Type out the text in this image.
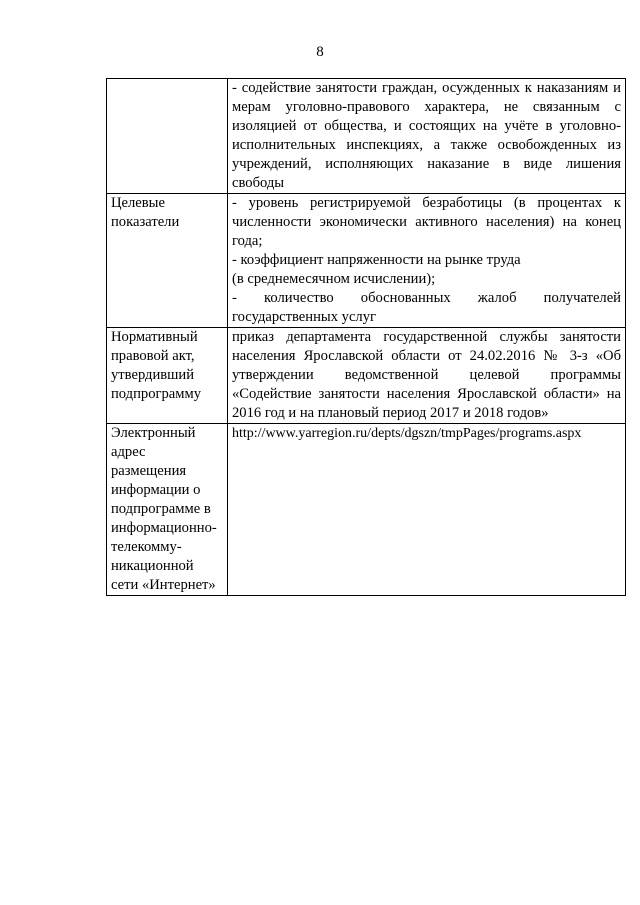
8

	- содействие занятости граждан, осужденных к наказаниям и мерам уголовно-правового характера, не связанным с изоляцией от общества, и состоящих на учёте в уголовно-исполнительных инспекциях, а также освобожденных из учреждений, исполняющих наказание в виде лишения свободы

Целевые показатели	- уровень регистрируемой безработицы (в процентах к численности экономически активного населения) на конец года;
- коэффициент напряженности на рынке труда
(в среднемесячном исчислении);
- количество обоснованных жалоб получателей государственных услуг

Нормативный правовой акт, утвердивший подпрограмму	приказ департамента государственной службы занятости населения Ярославской области от 24.02.2016 № 3-з «Об утверждении ведомственной целевой программы «Содействие занятости населения Ярославской области» на 2016 год и на плановый период 2017 и 2018 годов»

Электронный адрес размещения информации о подпрограмме в информационно-телекомму-никационной сети «Интернет»	http://www.yarregion.ru/depts/dgszn/tmpPages/programs.aspx
